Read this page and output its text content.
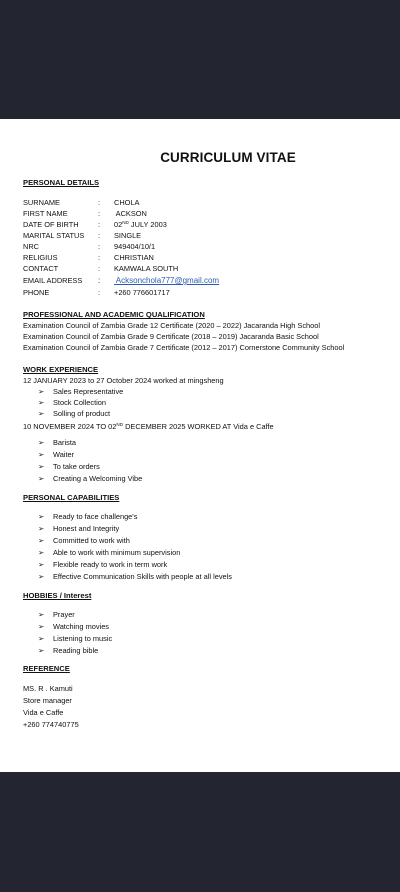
CURRICULUM VITAE
PERSONAL DETAILS
SURNAME	: CHOLA
FIRST NAME	: ACKSON
DATE OF BIRTH	: 02ND JULY 2003
MARITAL STATUS : SINGLE
NRC	: 949404/10/1
RELIGIUS	: CHRISTIAN
CONTACT	: KAMWALA SOUTH
EMAIL ADDRESS : Acksonchola777@gmail.com
PHONE	: +260 776601717
PROFESSIONAL AND ACADEMIC QUALIFICATION
Examination Council of Zambia Grade 12 Certificate (2020 – 2022) Jacaranda High School
Examination Council of Zambia Grade 9 Certificate (2018 – 2019) Jacaranda Basic School
Examination Council of Zambia Grade 7 Certificate (2012 – 2017) Cornerstone Community School
WORK EXPERIENCE
12 JANUARY 2023 to 27 October 2024 worked at mingsheng
➢ Sales Representative
➢ Stock Collection
➢ Solling of product
10 NOVEMBER 2024 TO 02ND DECEMBER 2025 WORKED AT Vida e Caffe
➢ Barista
➢ Waiter
➢ To take orders
➢ Creating a Welcoming Vibe
PERSONAL CAPABILITIES
➢ Ready to face challenge's
➢ Honest and Integrity
➢ Committed to work with
➢ Able to work with minimum supervision
➢ Flexible ready to work in term work
➢ Effective Communication Skills with people at all levels
HOBBIES / Interest
➢ Prayer
➢ Watching movies
➢ Listening to music
➢ Reading bible
REFERENCE
MS. R . Kamuti
Store manager
Vida e Caffe
+260 774740775
